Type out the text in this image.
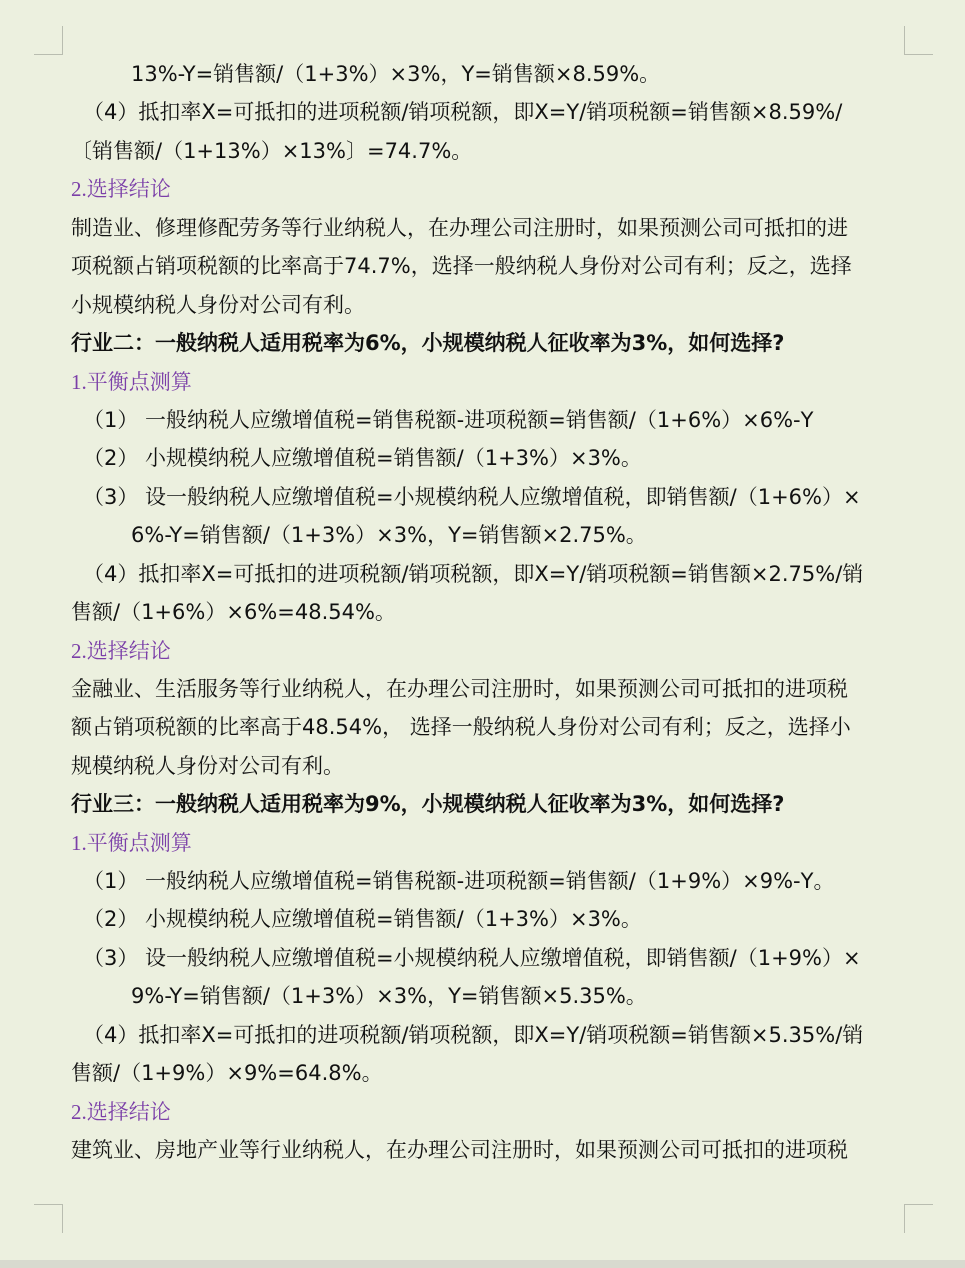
13%-Y=销售额/（1+3%）×3%，Y=销售额×8.59%。
（4）抵扣率X=可抵扣的进项税额/销项税额，即X=Y/销项税额=销售额×8.59%/
〔销售额/（1+13%）×13%〕=74.7%。
2.选择结论
制造业、修理修配劳务等行业纳税人，在办理公司注册时，如果预测公司可抵扣的进
项税额占销项税额的比率高于74.7%，选择一般纳税人身份对公司有利；反之，选择
小规模纳税人身份对公司有利。
行业二：一般纳税人适用税率为6%，小规模纳税人征收率为3%，如何选择?
1.平衡点测算
（1） 一般纳税人应缴增值税=销售税额-进项税额=销售额/（1+6%）×6%-Y
（2） 小规模纳税人应缴增值税=销售额/（1+3%）×3%。
（3） 设一般纳税人应缴增值税=小规模纳税人应缴增值税，即销售额/（1+6%）×
6%-Y=销售额/（1+3%）×3%，Y=销售额×2.75%。
（4）抵扣率X=可抵扣的进项税额/销项税额，即X=Y/销项税额=销售额×2.75%/销
售额/（1+6%）×6%=48.54%。
2.选择结论
金融业、生活服务等行业纳税人，在办理公司注册时，如果预测公司可抵扣的进项税
额占销项税额的比率高于48.54%， 选择一般纳税人身份对公司有利；反之，选择小
规模纳税人身份对公司有利。
行业三：一般纳税人适用税率为9%，小规模纳税人征收率为3%，如何选择?
1.平衡点测算
（1） 一般纳税人应缴增值税=销售税额-进项税额=销售额/（1+9%）×9%-Y。
（2） 小规模纳税人应缴增值税=销售额/（1+3%）×3%。
（3） 设一般纳税人应缴增值税=小规模纳税人应缴增值税，即销售额/（1+9%）×
9%-Y=销售额/（1+3%）×3%，Y=销售额×5.35%。
（4）抵扣率X=可抵扣的进项税额/销项税额，即X=Y/销项税额=销售额×5.35%/销
售额/（1+9%）×9%=64.8%。
2.选择结论
建筑业、房地产业等行业纳税人，在办理公司注册时，如果预测公司可抵扣的进项税
